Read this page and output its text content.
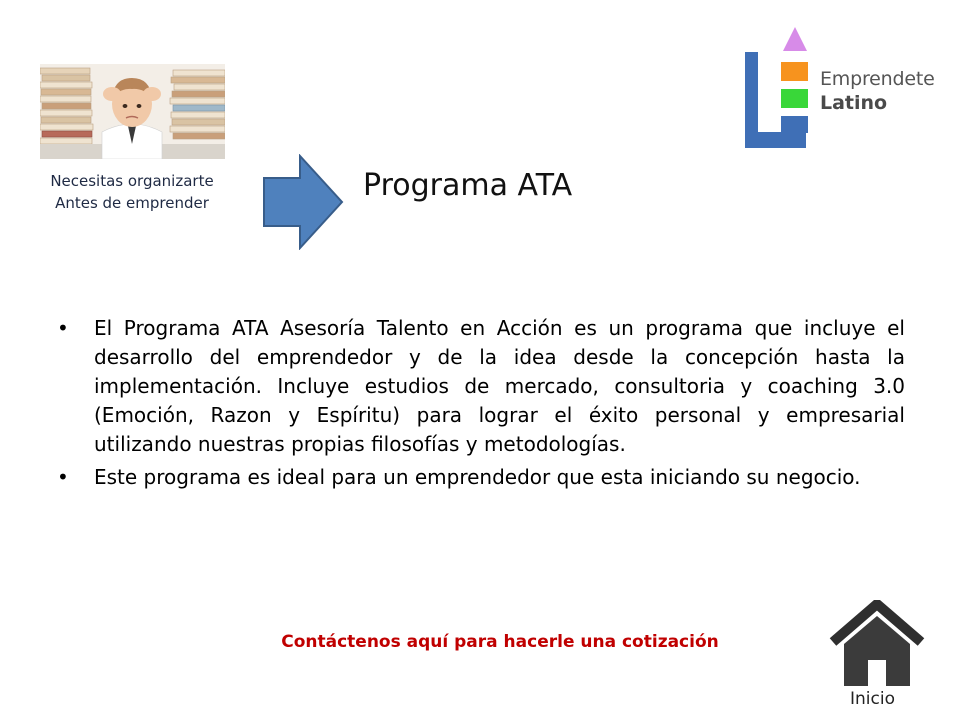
Necesitas organizarte
Antes de emprender	Programa ATA
Emprendete
Latino
• El Programa ATA Asesoría Talento en Acción es un programa que incluye el desarrollo del emprendedor y de la idea desde la concepción hasta la implementación. Incluye estudios de mercado, consultoria y coaching 3.0 (Emoción, Razon y Espíritu) para lograr el éxito personal y empresarial utilizando nuestras propias filosofías y metodologías.
• Este programa es ideal para un emprendedor que esta iniciando su negocio.
Contáctenos aquí para hacerle una cotización
Inicio
